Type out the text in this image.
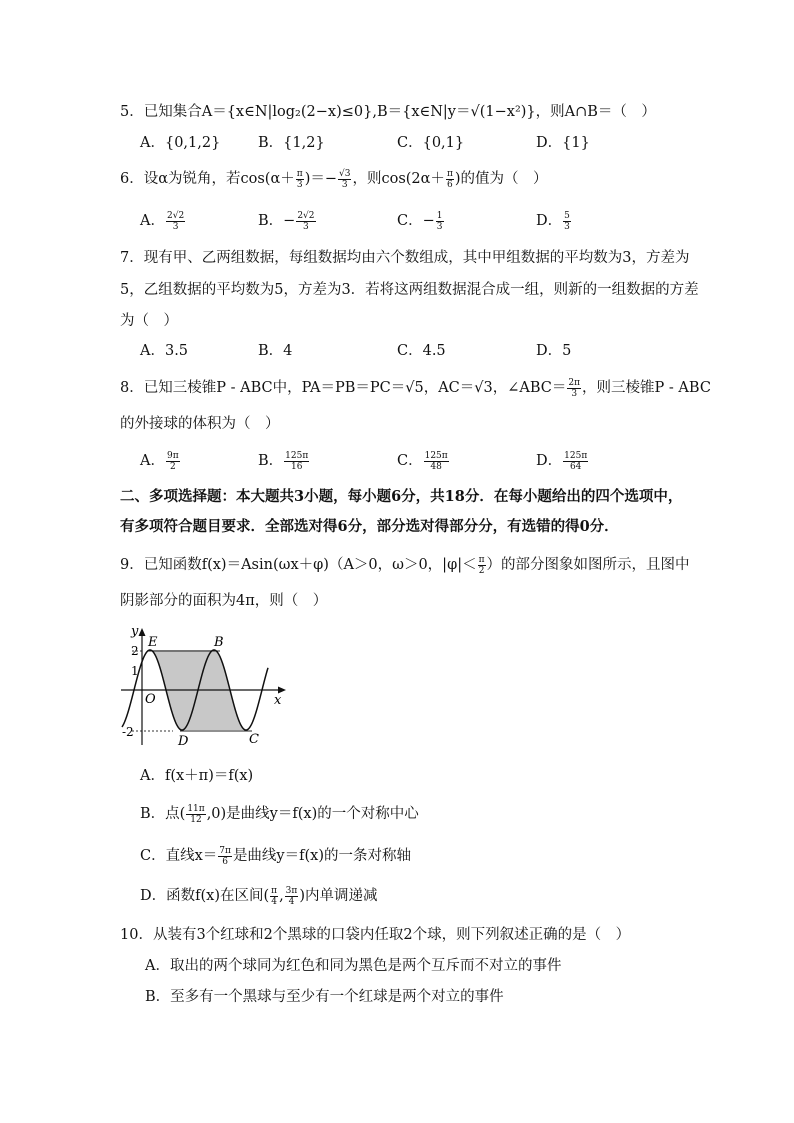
5．已知集合A＝{x∈N|log₂(2−x)≤0},B＝{x∈N|y＝√(1−x²)}，则A∩B＝（　）
A．{0,1,2}	B．{1,2}	C．{0,1}	D．{1}
6．设α为锐角，若$\cos(\alpha+ \frac{\pi}{3}$ )＝− $\frac{√3}{3}$ ，则$\cos(2\alpha+ \frac{\pi}{6}$ )的值为（　）
A． $\frac{2√2}{3}$	B．− $\frac{2√2}{3}$	C．− $\frac{1}{3}$	D． $\frac{5}{3}$
7．现有甲、乙两组数据，每组数据均由六个数组成，其中甲组数据的平均数为3，方差为
5，乙组数据的平均数为5，方差为3．若将这两组数据混合成一组，则新的一组数据的方差
为（　）
A．3.5	B．4	C．4.5	D．5
8．已知三棱锥P - ABC中，PA＝PB＝PC＝√5，AC＝√3，∠ABC＝ $\frac{2\pi}{3}$ ，则三棱锥P - ABC
的外接球的体积为（　）
A． $\frac{9\pi}{2}$	B． $\frac{125\pi}{16}$	C． $\frac{125\pi}{48}$	D． $\frac{125\pi}{64}$
二、多项选择题：本大题共3小题，每小题6分，共18分．在每小题给出的四个选项中，
有多项符合题目要求．全部选对得6分，部分选对得部分分，有选错的得0分．
9．已知函数f(x)＝Asin(ωx＋φ)（A＞0，ω＞0，$|\varphi|< \frac{\pi}{2}$ ）的部分图象如图所示，且图中
阴影部分的面积为4π，则（　）
y
x
O
E	B
D	C
2
1
-2
A．f(x＋π)＝f(x)
B．点( $\frac{11\pi}{12} ,0$)是曲线y＝f(x)的一个对称中心
C．直线$x= \frac{7\pi}{6}$ 是曲线y＝f(x)的一条对称轴
D．函数f(x)在区间( $\frac{\pi}{4}$ , $\frac{3\pi}{4}$ )内单调递减
10．从装有3个红球和2个黑球的口袋内任取2个球，则下列叙述正确的是（　）
A．取出的两个球同为红色和同为黑色是两个互斥而不对立的事件
B．至多有一个黑球与至少有一个红球是两个对立的事件
